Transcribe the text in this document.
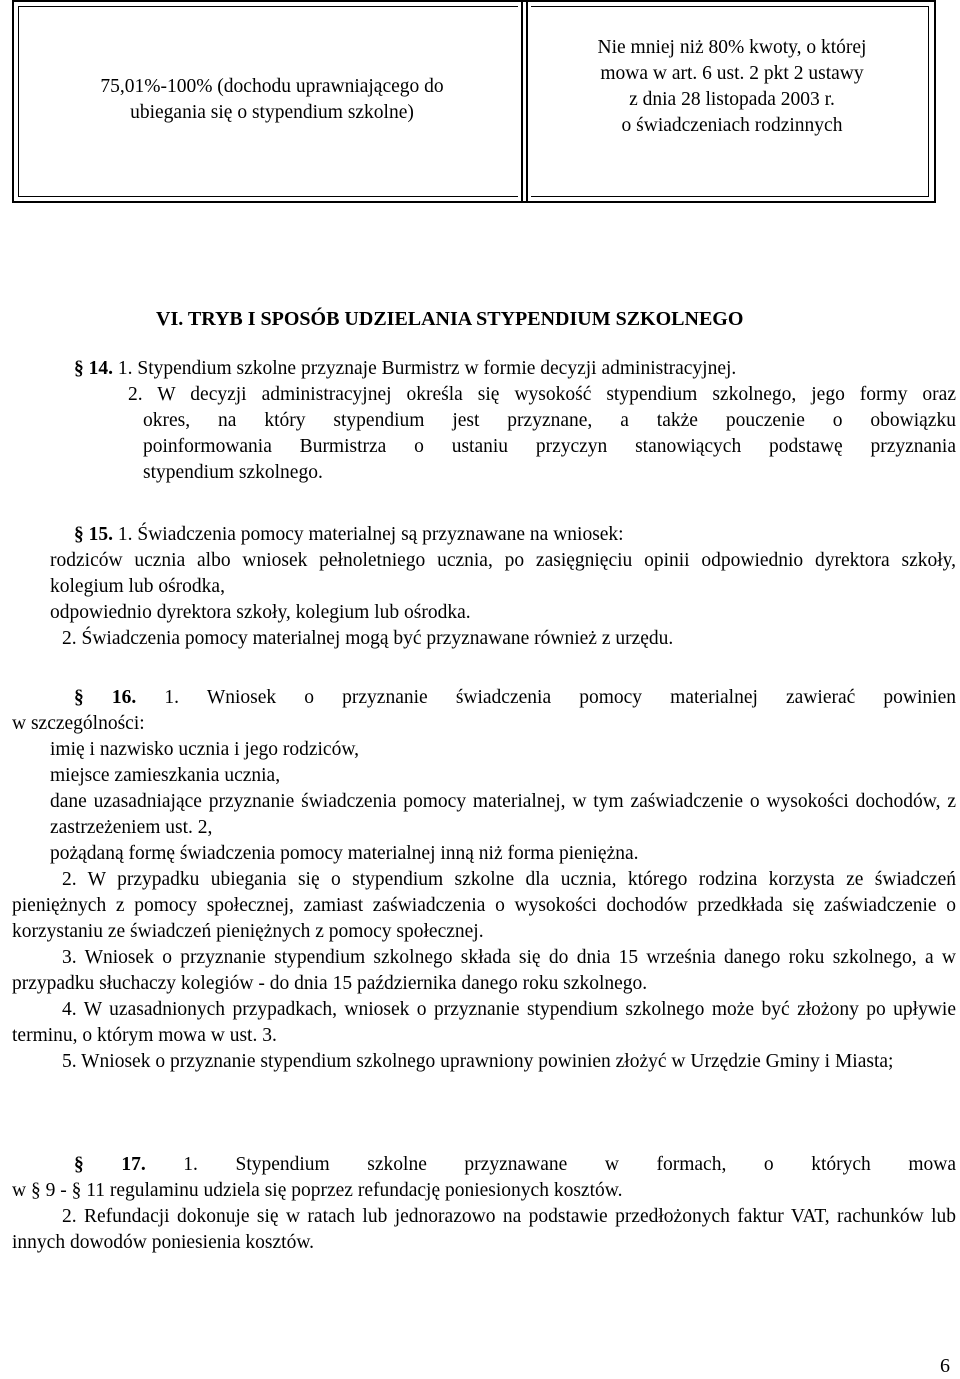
75,01%-100% (dochodu uprawniającego do
ubiegania się o stypendium szkolne)
Nie mniej niż 80% kwoty, o której
mowa w art. 6 ust. 2 pkt 2 ustawy
z dnia 28 listopada 2003 r.
o świadczeniach rodzinnych
VI. TRYB I SPOSÓB UDZIELANIA STYPENDIUM SZKOLNEGO
§ 14. 1. Stypendium szkolne przyznaje Burmistrz w formie decyzji administracyjnej.
2. W decyzji administracyjnej określa się wysokość stypendium szkolnego, jego formy oraz
okres, na który stypendium jest przyznane, a także pouczenie o obowiązku
poinformowania Burmistrza o ustaniu przyczyn stanowiących podstawę przyznania
stypendium szkolnego.
§ 15. 1. Świadczenia pomocy materialnej są przyznawane na wniosek:
rodziców ucznia albo wniosek pełnoletniego ucznia, po zasięgnięciu opinii odpowiednio dyrektora szkoły, kolegium lub ośrodka,
odpowiednio dyrektora szkoły, kolegium lub ośrodka.
2. Świadczenia pomocy materialnej mogą być przyznawane również z urzędu.
§ 16. 1. Wniosek o przyznanie świadczenia pomocy materialnej zawierać powinien
w szczególności:
imię i nazwisko ucznia i jego rodziców,
miejsce zamieszkania ucznia,
dane uzasadniające przyznanie świadczenia pomocy materialnej, w tym zaświadczenie o wysokości dochodów, z zastrzeżeniem ust. 2,
pożądaną formę świadczenia pomocy materialnej inną niż forma pieniężna.
2. W przypadku ubiegania się o stypendium szkolne dla ucznia, którego rodzina korzysta ze świadczeń pieniężnych z pomocy społecznej, zamiast zaświadczenia o wysokości dochodów przedkłada się zaświadczenie o korzystaniu ze świadczeń pieniężnych z pomocy społecznej.
3. Wniosek o przyznanie stypendium szkolnego składa się do dnia 15 września danego roku szkolnego, a w przypadku słuchaczy kolegiów - do dnia 15 października danego roku szkolnego.
4. W uzasadnionych przypadkach, wniosek o przyznanie stypendium szkolnego może być złożony po upływie terminu, o którym mowa w ust. 3.
5. Wniosek o przyznanie stypendium szkolnego uprawniony powinien złożyć w Urzędzie Gminy i Miasta;
§ 17. 1. Stypendium szkolne przyznawane w formach, o których mowa
w § 9 - § 11 regulaminu udziela się poprzez refundację poniesionych kosztów.
2. Refundacji dokonuje się w ratach lub jednorazowo na podstawie przedłożonych faktur VAT, rachunków lub innych dowodów poniesienia kosztów.
6
